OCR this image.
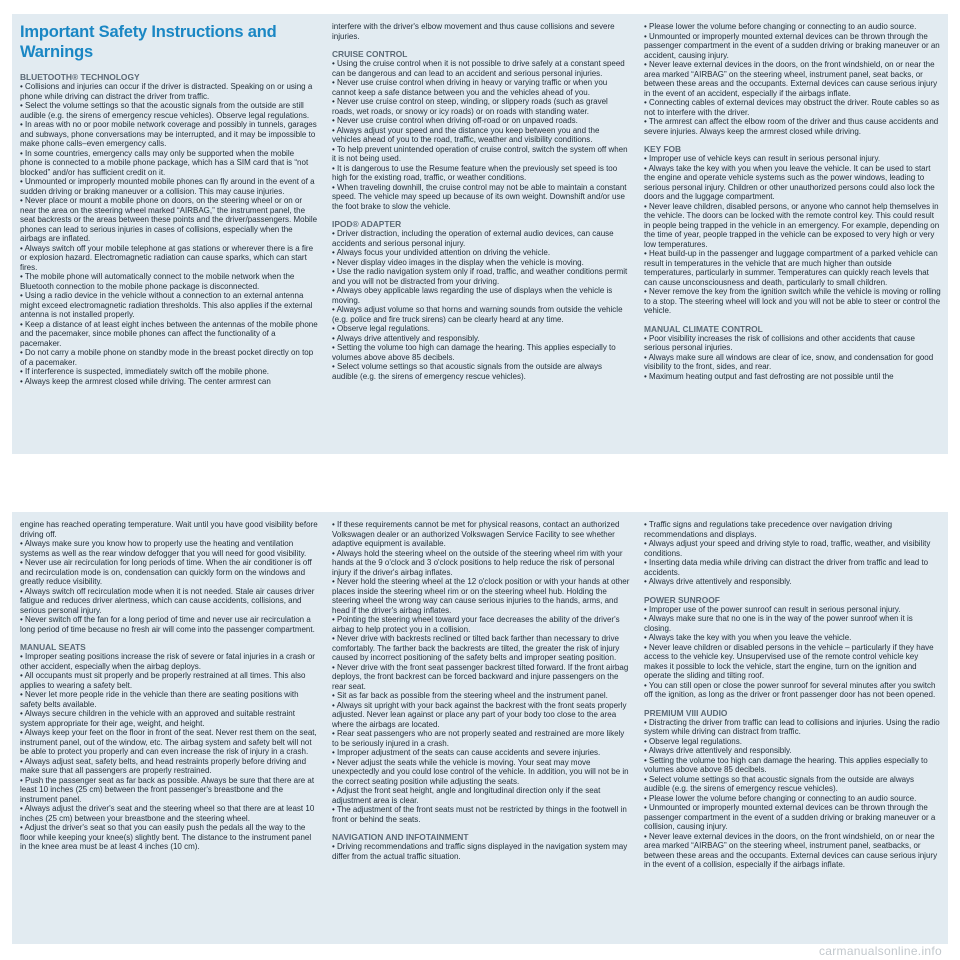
Important Safety Instructions and Warnings
BLUETOOTH® TECHNOLOGY

• Collisions and injuries can occur if the driver is distracted. Speaking on or using a phone while driving can distract the driver from traffic.

• Select the volume settings so that the acoustic signals from the outside are still audible (e.g. the sirens of emergency rescue vehicles). Observe legal regulations.

• In areas with no or poor mobile network coverage and possibly in tunnels, garages and subways, phone conversations may be interrupted, and it may be impossible to make phone calls–even emergency calls.

• In some countries, emergency calls may only be supported when the mobile phone is connected to a mobile phone package, which has a SIM card that is “not blocked” and/or has sufficient credit on it.

• Unmounted or improperly mounted mobile phones can fly around in the event of a sudden driving or braking maneuver or a collision. This may cause injuries.

• Never place or mount a mobile phone on doors, on the steering wheel or on or near the area on the steering wheel marked “AIRBAG,” the instrument panel, the seat backrests or the areas between these points and the driver/passengers. Mobile phones can lead to serious injuries in cases of collisions, especially when the airbags are inflated.

• Always switch off your mobile telephone at gas stations or wherever there is a fire or explosion hazard. Electromagnetic radiation can cause sparks, which can start fires.

• The mobile phone will automatically connect to the mobile network when the Bluetooth connection to the mobile phone package is disconnected.

• Using a radio device in the vehicle without a connection to an external antenna might exceed electromagnetic radiation thresholds. This also applies if the external antenna is not installed properly.

• Keep a distance of at least eight inches between the antennas of the mobile phone and the pacemaker, since mobile phones can affect the functionality of a pacemaker.

• Do not carry a mobile phone on standby mode in the breast pocket directly on top of a pacemaker.

• If interference is suspected, immediately switch off the mobile phone.

• Always keep the armrest closed while driving. The center armrest can

interfere with the driver's elbow movement and thus cause collisions and severe injuries.

CRUISE CONTROL

• Using the cruise control when it is not possible to drive safely at a constant speed can be dangerous and can lead to an accident and serious personal injuries.

• Never use cruise control when driving in heavy or varying traffic or when you cannot keep a safe distance between you and the vehicles ahead of you.

• Never use cruise control on steep, winding, or slippery roads (such as gravel roads, wet roads, or snowy or icy roads) or on roads with standing water.

• Never use cruise control when driving off-road or on unpaved roads.

• Always adjust your speed and the distance you keep between you and the vehicles ahead of you to the road, traffic, weather and visibility conditions.

• To help prevent unintended operation of cruise control, switch the system off when it is not being used.

• It is dangerous to use the Resume feature when the previously set speed is too high for the existing road, traffic, or weather conditions.

• When traveling downhill, the cruise control may not be able to maintain a constant speed. The vehicle may speed up because of its own weight. Downshift and/or use the foot brake to slow the vehicle.

IPOD® ADAPTER

• Driver distraction, including the operation of external audio devices, can cause accidents and serious personal injury.

• Always focus your undivided attention on driving the vehicle.

• Never display video images in the display when the vehicle is moving.

• Use the radio navigation system only if road, traffic, and weather conditions permit and you will not be distracted from your driving.

• Always obey applicable laws regarding the use of displays when the vehicle is moving.

• Always adjust volume so that horns and warning sounds from outside the vehicle (e.g. police and fire truck sirens) can be clearly heard at any time.

• Observe legal regulations.

• Always drive attentively and responsibly.

• Setting the volume too high can damage the hearing. This applies especially to volumes above above 85 decibels.

• Select volume settings so that acoustic signals from the outside are always audible (e.g. the sirens of emergency rescue vehicles).

• Please lower the volume before changing or connecting to an audio source.

• Unmounted or improperly mounted external devices can be thrown through the passenger compartment in the event of a sudden driving or braking maneuver or an accident, causing injury.

• Never leave external devices in the doors, on the front windshield, on or near the area marked “AIRBAG” on the steering wheel, instrument panel, seat backs, or between these areas and the occupants. External devices can cause serious injury in the event of an accident, especially if the airbags inflate.

• Connecting cables of external devices may obstruct the driver. Route cables so as not to interfere with the driver.

• The armrest can affect the elbow room of the driver and thus cause accidents and severe injuries. Always keep the armrest closed while driving.

KEY FOB

• Improper use of vehicle keys can result in serious personal injury.

• Always take the key with you when you leave the vehicle. It can be used to start the engine and operate vehicle systems such as the power windows, leading to serious personal injury. Children or other unauthorized persons could also lock the doors and the luggage compartment.

• Never leave children, disabled persons, or anyone who cannot help themselves in the vehicle. The doors can be locked with the remote control key. This could result in people being trapped in the vehicle in an emergency. For example, depending on the time of year, people trapped in the vehicle can be exposed to very high or very low temperatures.

• Heat build-up in the passenger and luggage compartment of a parked vehicle can result in temperatures in the vehicle that are much higher than outside temperatures, particularly in summer. Temperatures can quickly reach levels that can cause unconsciousness and death, particularly to small children.

• Never remove the key from the ignition switch while the vehicle is moving or rolling to a stop. The steering wheel will lock and you will not be able to steer or control the vehicle.

MANUAL CLIMATE CONTROL

• Poor visibility increases the risk of collisions and other accidents that cause serious personal injuries.

• Always make sure all windows are clear of ice, snow, and condensation for good visibility to the front, sides, and rear.

• Maximum heating output and fast defrosting are not possible until the

engine has reached operating temperature. Wait until you have good visibility before driving off.

• Always make sure you know how to properly use the heating and ventilation systems as well as the rear window defogger that you will need for good visibility.

• Never use air recirculation for long periods of time. When the air conditioner is off and recirculation mode is on, condensation can quickly form on the windows and greatly reduce visibility.

• Always switch off recirculation mode when it is not needed. Stale air causes driver fatigue and reduces driver alertness, which can cause accidents, collisions, and serious personal injury.

• Never switch off the fan for a long period of time and never use air recirculation a long period of time because no fresh air will come into the passenger compartment.

MANUAL SEATS

• Improper seating positions increase the risk of severe or fatal injuries in a crash or other accident, especially when the airbag deploys.

• All occupants must sit properly and be properly restrained at all times. This also applies to wearing a safety belt.

• Never let more people ride in the vehicle than there are seating positions with safety belts available.

• Always secure children in the vehicle with an approved and suitable restraint system appropriate for their age, weight, and height.

• Always keep your feet on the floor in front of the seat. Never rest them on the seat, instrument panel, out of the window, etc. The airbag system and safety belt will not be able to protect you properly and can even increase the risk of injury in a crash.

• Always adjust seat, safety belts, and head restraints properly before driving and make sure that all passengers are properly restrained.

• Push the passenger seat as far back as possible. Always be sure that there are at least 10 inches (25 cm) between the front passenger's breastbone and the instrument panel.

• Always adjust the driver's seat and the steering wheel so that there are at least 10 inches (25 cm) between your breastbone and the steering wheel.

• Adjust the driver's seat so that you can easily push the pedals all the way to the floor while keeping your knee(s) slightly bent. The distance to the instrument panel in the knee area must be at least 4 inches (10 cm).

• If these requirements cannot be met for physical reasons, contact an authorized Volkswagen dealer or an authorized Volkswagen Service Facility to see whether adaptive equipment is available.

• Always hold the steering wheel on the outside of the steering wheel rim with your hands at the 9 o'clock and 3 o'clock positions to help reduce the risk of personal injury if the driver's airbag inflates.

• Never hold the steering wheel at the 12 o'clock position or with your hands at other places inside the steering wheel rim or on the steering wheel hub. Holding the steering wheel the wrong way can cause serious injuries to the hands, arms, and head if the driver's airbag inflates.

• Pointing the steering wheel toward your face decreases the ability of the driver's airbag to help protect you in a collision.

• Never drive with backrests reclined or tilted back farther than necessary to drive comfortably. The farther back the backrests are tilted, the greater the risk of injury caused by incorrect positioning of the safety belts and improper seating position.

• Never drive with the front seat passenger backrest tilted forward. If the front airbag deploys, the front backrest can be forced backward and injure passengers on the rear seat.

• Sit as far back as possible from the steering wheel and the instrument panel.

• Always sit upright with your back against the backrest with the front seats properly adjusted. Never lean against or place any part of your body too close to the area where the airbags are located.

• Rear seat passengers who are not properly seated and restrained are more likely to be seriously injured in a crash.

• Improper adjustment of the seats can cause accidents and severe injuries.

• Never adjust the seats while the vehicle is moving. Your seat may move unexpectedly and you could lose control of the vehicle. In addition, you will not be in the correct seating position while adjusting the seats.

• Adjust the front seat height, angle and longitudinal direction only if the seat adjustment area is clear.

• The adjustment of the front seats must not be restricted by things in the footwell in front or behind the seats.

NAVIGATION AND INFOTAINMENT

• Driving recommendations and traffic signs displayed in the navigation system may differ from the actual traffic situation.

• Traffic signs and regulations take precedence over navigation driving recommendations and displays.

• Always adjust your speed and driving style to road, traffic, weather, and visibility conditions.

• Inserting data media while driving can distract the driver from traffic and lead to accidents.

• Always drive attentively and responsibly.

POWER SUNROOF

• Improper use of the power sunroof can result in serious personal injury.

• Always make sure that no one is in the way of the power sunroof when it is closing.

• Always take the key with you when you leave the vehicle.

• Never leave children or disabled persons in the vehicle – particularly if they have access to the vehicle key. Unsupervised use of the remote control vehicle key makes it possible to lock the vehicle, start the engine, turn on the ignition and operate the sliding and tilting roof.

• You can still open or close the power sunroof for several minutes after you switch off the ignition, as long as the driver or front passenger door has not been opened.

PREMIUM VIII AUDIO

• Distracting the driver from traffic can lead to collisions and injuries. Using the radio system while driving can distract from traffic.

• Observe legal regulations.

• Always drive attentively and responsibly.

• Setting the volume too high can damage the hearing. This applies especially to volumes above above 85 decibels.

• Select volume settings so that acoustic signals from the outside are always audible (e.g. the sirens of emergency rescue vehicles).

• Please lower the volume before changing or connecting to an audio source.

• Unmounted or improperly mounted external devices can be thrown through the passenger compartment in the event of a sudden driving or braking maneuver or a collision, causing injury.

• Never leave external devices in the doors, on the front windshield, on or near the area marked “AIRBAG” on the steering wheel, instrument panel, seatbacks, or between these areas and the occupants. External devices can cause serious injury in the event of a collision, especially if the airbags inflate.

carmanualsonline.info
